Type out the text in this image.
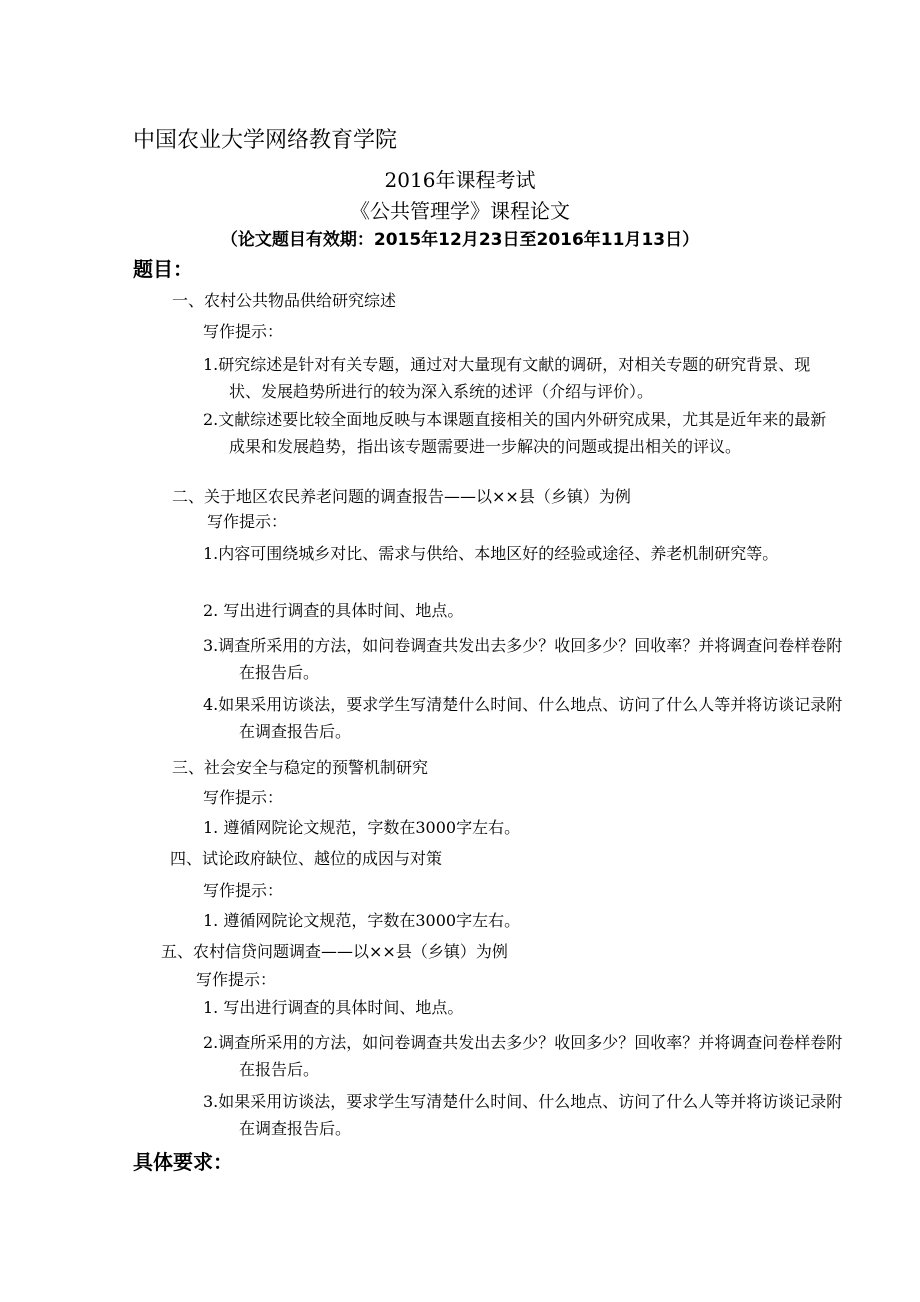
中国农业大学网络教育学院
2016年课程考试
《公共管理学》课程论文
（论文题目有效期：2015年12月23日至2016年11月13日）
题目：
一、农村公共物品供给研究综述
写作提示：
1.研究综述是针对有关专题，通过对大量现有文献的调研，对相关专题的研究背景、现状、发展趋势所进行的较为深入系统的述评（介绍与评价）。
2.文献综述要比较全面地反映与本课题直接相关的国内外研究成果，尤其是近年来的最新成果和发展趋势，指出该专题需要进一步解决的问题或提出相关的评议。
二、关于地区农民养老问题的调查报告——以××县（乡镇）为例
写作提示：
1.内容可围绕城乡对比、需求与供给、本地区好的经验或途径、养老机制研究等。
2. 写出进行调查的具体时间、地点。
3.调查所采用的方法，如问卷调查共发出去多少？收回多少？回收率？并将调查问卷样卷附在报告后。
4.如果采用访谈法，要求学生写清楚什么时间、什么地点、访问了什么人等并将访谈记录附在调查报告后。
三、社会安全与稳定的预警机制研究
写作提示：
1. 遵循网院论文规范，字数在3000字左右。
四、试论政府缺位、越位的成因与对策
写作提示：
1. 遵循网院论文规范，字数在3000字左右。
五、农村信贷问题调查——以××县（乡镇）为例
写作提示：
1. 写出进行调查的具体时间、地点。
2.调查所采用的方法，如问卷调查共发出去多少？收回多少？回收率？并将调查问卷样卷附在报告后。
3.如果采用访谈法，要求学生写清楚什么时间、什么地点、访问了什么人等并将访谈记录附在调查报告后。
具体要求：
